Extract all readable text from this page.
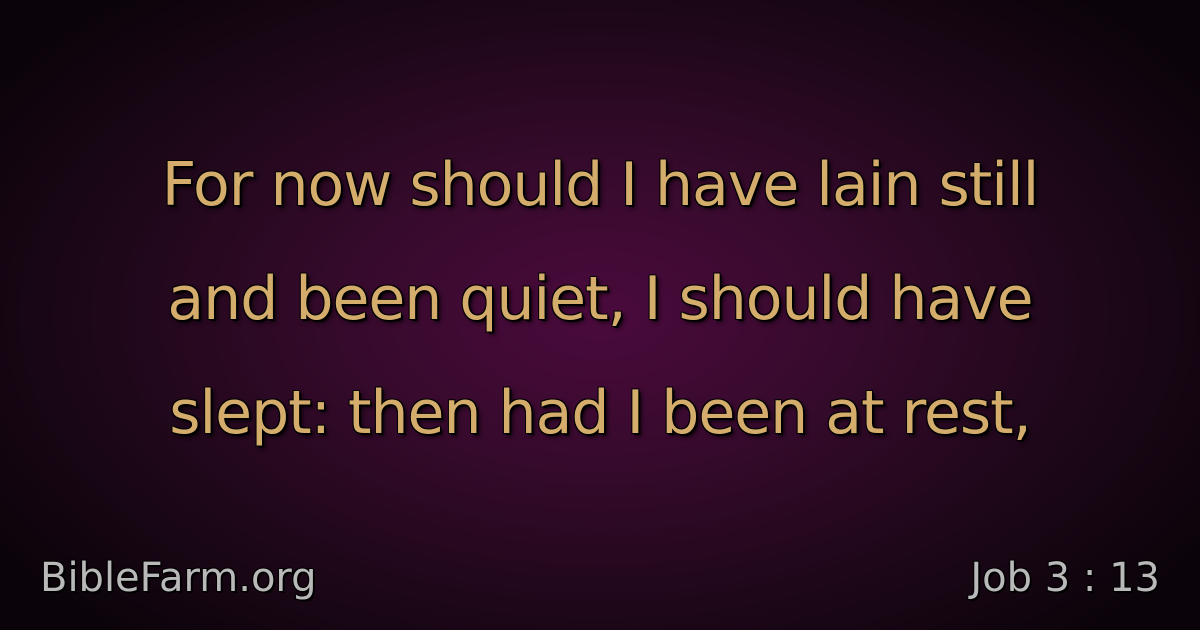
For now should I have lain still
and been quiet, I should have
slept: then had I been at rest,

BibleFarm.org	Job 3 : 13
